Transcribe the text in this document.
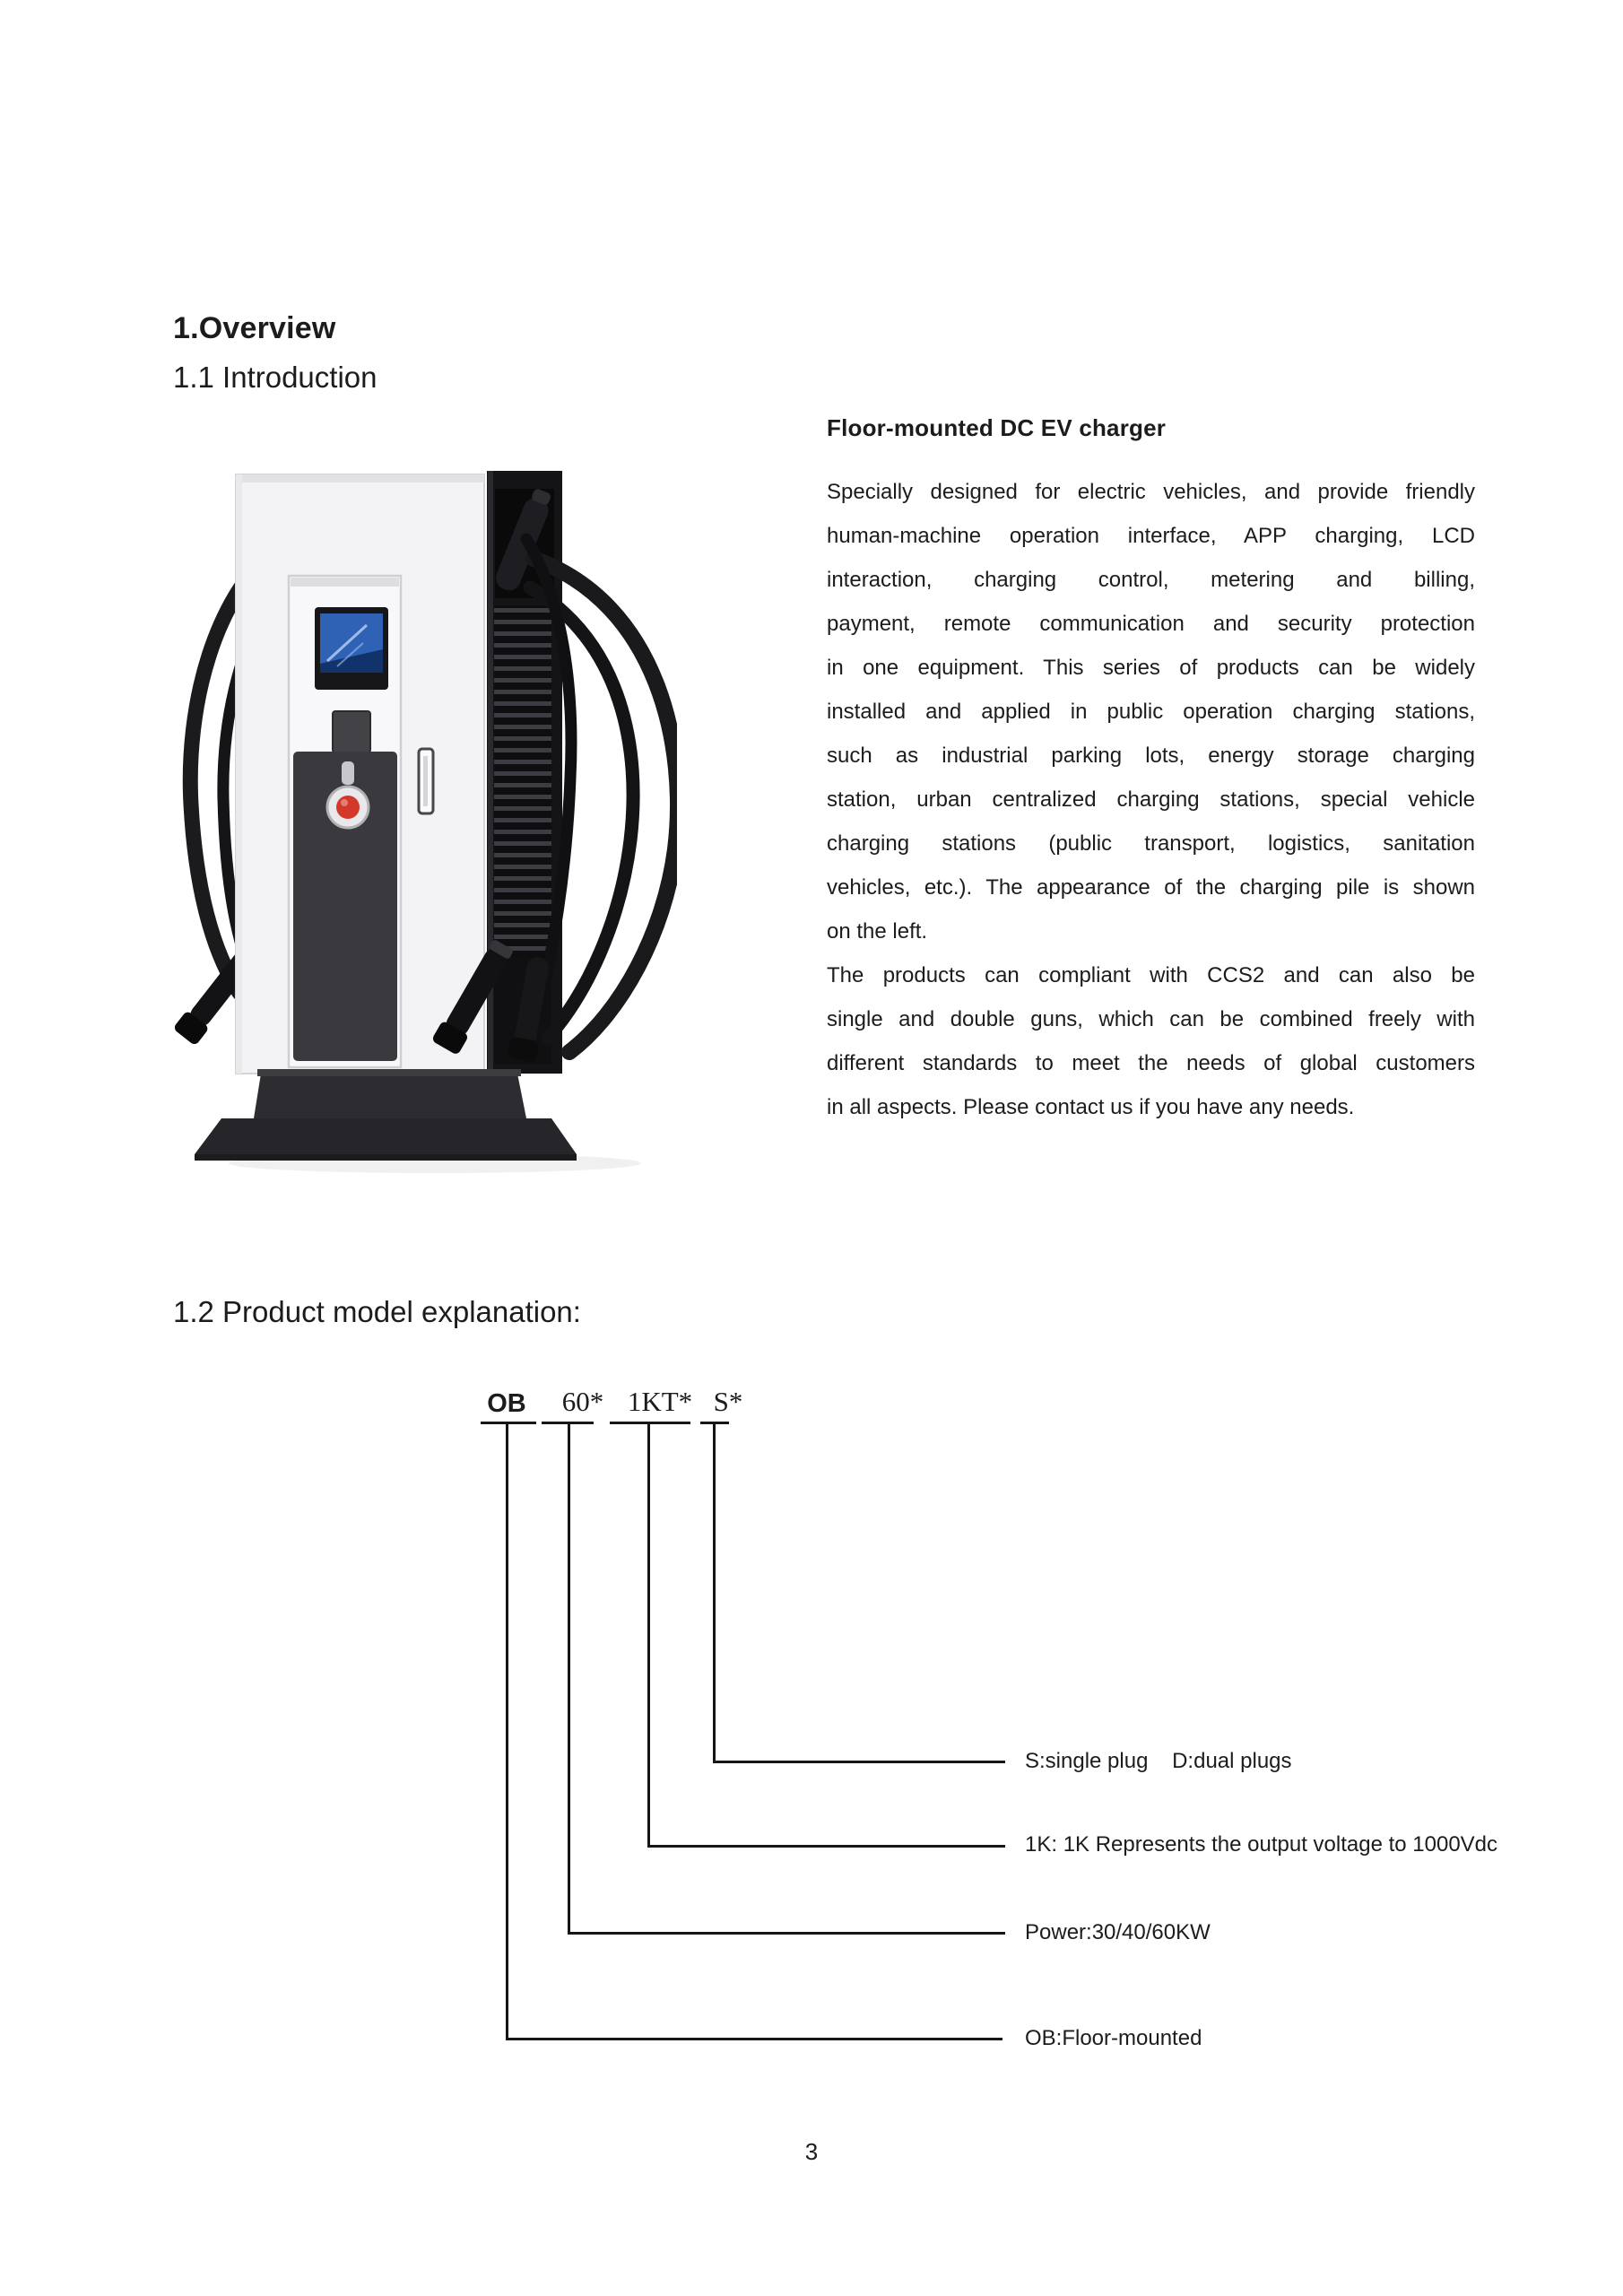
1.Overview
1.1 Introduction
Floor-mounted DC EV charger
Specially designed for electric vehicles, and provide friendly
human-machine operation interface, APP charging, LCD
interaction, charging control, metering and billing,
payment, remote communication and security protection
in one equipment. This series of products can be widely
installed and applied in public operation charging stations,
such as industrial parking lots, energy storage charging
station, urban centralized charging stations, special vehicle
charging stations (public transport, logistics, sanitation
vehicles, etc.). The appearance of the charging pile is shown
on the left.
The products can compliant with CCS2 and can also be
single and double guns, which can be combined freely with
different standards to meet the needs of global customers
in all aspects. Please contact us if you have any needs.
1.2 Product model explanation:
OB 60* 1KT* S*
S:single plug    D:dual plugs
1K: 1K Represents the output voltage to 1000Vdc
Power:30/40/60KW
OB:Floor-mounted
3
